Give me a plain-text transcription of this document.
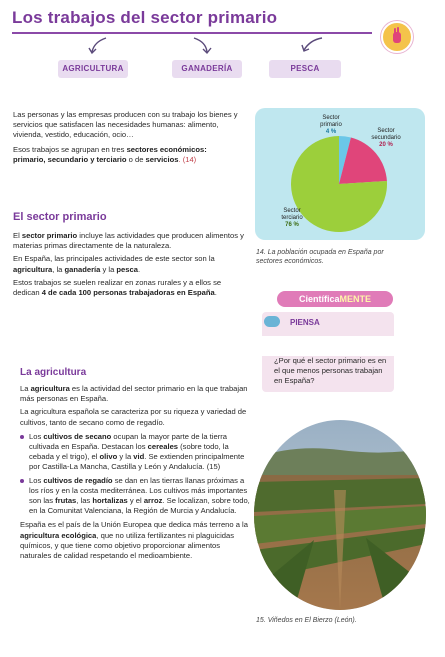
Los trabajos del sector primario
AGRICULTURA	GANADERÍA	PESCA
Las personas y las empresas producen con su trabajo los bienes y servicios que satisfacen las necesidades humanas: alimento, vivienda, vestido, educación, ocio…
Esos trabajos se agrupan en tres sectores económicos: primario, secundario y terciario o de servicios. (14)
El sector primario
El sector primario incluye las actividades que producen alimentos y materias primas directamente de la naturaleza.
En España, las principales actividades de este sector son la agricultura, la ganadería y la pesca.
Estos trabajos se suelen realizar en zonas rurales y a ellos se dedican 4 de cada 100 personas trabajadoras en España.
Sector primario 4 %	Sector secundario 20 %
Sector terciario 76 %
14. La población ocupada en España por sectores económicos.
CientíficaMENTE
PIENSA
¿Por qué el sector primario es en el que menos personas trabajan en España?
La agricultura
La agricultura es la actividad del sector primario en la que trabajan más personas en España.
La agricultura española se caracteriza por su riqueza y variedad de cultivos, tanto de secano como de regadío.
Los cultivos de secano ocupan la mayor parte de la tierra cultivada en España. Destacan los cereales (sobre todo, la cebada y el trigo), el olivo y la vid. Se extienden principalmente por Castilla-La Mancha, Castilla y León y Andalucía. (15)
Los cultivos de regadío se dan en las tierras llanas próximas a los ríos y en la costa mediterránea. Los cultivos más importantes son las frutas, las hortalizas y el arroz. Se localizan, sobre todo, en la Comunitat Valenciana, la Región de Murcia y Andalucía.
España es el país de la Unión Europea que dedica más terreno a la agricultura ecológica, que no utiliza fertilizantes ni plaguicidas químicos, y que tiene como objetivo proporcionar alimentos naturales de calidad respetando el medioambiente.
15. Viñedos en El Bierzo (León).
